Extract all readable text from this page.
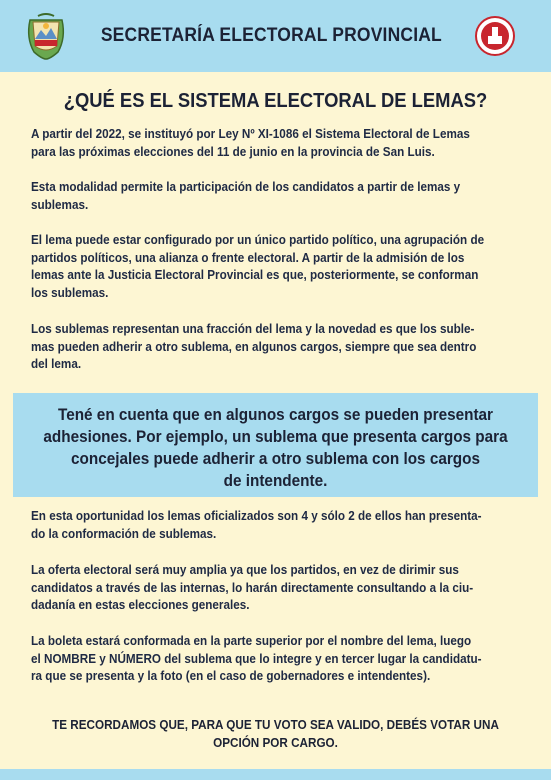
SECRETARÍA ELECTORAL PROVINCIAL
¿QUÉ ES EL SISTEMA ELECTORAL DE LEMAS?
A partir del 2022, se instituyó por Ley Nº XI-1086 el Sistema Electoral de Lemas
para las próximas elecciones del 11 de junio en la provincia de San Luis.
Esta modalidad permite la participación de los candidatos a partir de lemas y
sublemas.
El lema puede estar configurado por un único partido político, una agrupación de
partidos políticos, una alianza o frente electoral. A partir de la admisión de los
lemas ante la Justicia Electoral Provincial es que, posteriormente, se conforman
los sublemas.
Los sublemas representan una fracción del lema y la novedad es que los suble-
mas pueden adherir a otro sublema, en algunos cargos, siempre que sea dentro
del lema.
Tené en cuenta que en algunos cargos se pueden presentar
adhesiones. Por ejemplo, un sublema que presenta cargos para
concejales puede adherir a otro sublema con los cargos
de intendente.
En esta oportunidad los lemas oficializados son 4 y sólo 2 de ellos han presenta-
do la conformación de sublemas.
La oferta electoral será muy amplia ya que los partidos, en vez de dirimir sus
candidatos a través de las internas, lo harán directamente consultando a la ciu-
dadanía en estas elecciones generales.
La boleta estará conformada en la parte superior por el nombre del lema, luego
el NOMBRE y NÚMERO del sublema que lo integre y en tercer lugar la candidatu-
ra que se presenta y la foto (en el caso de gobernadores e intendentes).
TE RECORDAMOS QUE, PARA QUE TU VOTO SEA VALIDO, DEBÉS VOTAR UNA
OPCIÓN POR CARGO.
